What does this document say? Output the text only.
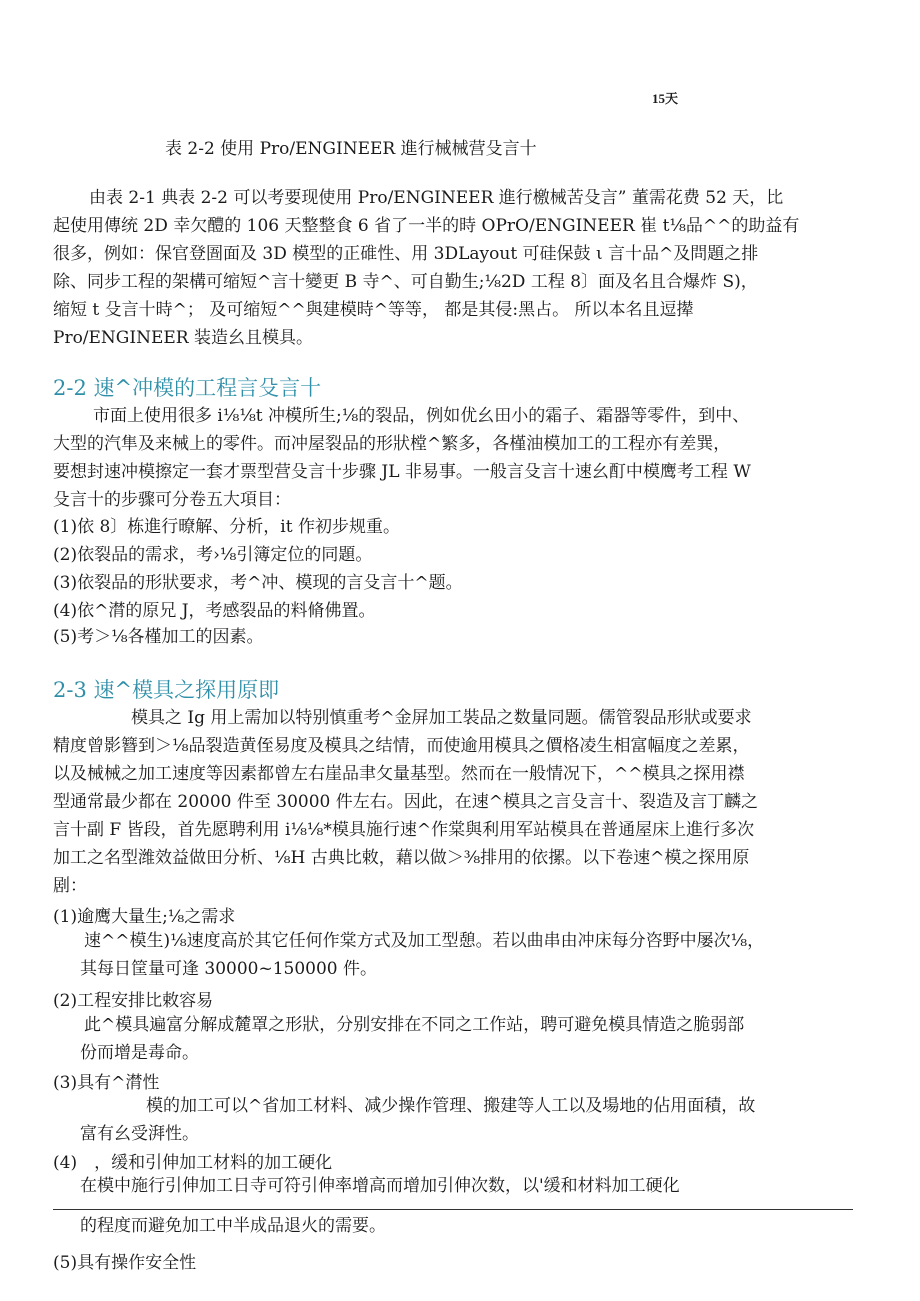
15天
表 2-2 使用 Pro/ENGINEER 進行械械营殳言十
由表 2-1 典表 2-2 可以考要现使用 Pro/ENGINEER 進行檄械苦殳言” 董需花费 52 天，比
起使用傳统 2D 幸欠醴的 106 天整整食 6 省了一半的時 OPrO/ENGINEER 崔 t⅛品^^的助益有
很多，例如：保官登圄面及 3D 模型的正碓性、用 3DLayout 可硅保鼓 ι 言十品^及問題之排
除、同步工程的架構可缩短^言十變更 B 寺^、可自勤生;⅛2D 工程 8〕面及名且合爆炸 S)，
缩短 t 殳言十時^； 及可缩短^^與建模時^等等， 都是其侵:黑占。 所以本名且逗撵
Pro/ENGINEER 装造幺且模具。
2-2 速^冲模的工程言殳言十
市面上使用很多 i⅛⅛t 冲模所生;⅛的裂品，例如优幺田小的霜子、霜器等零件，到中、
大型的汽隼及来械上的零件。而冲屋裂品的形狀樘^繁多，各槿油模加工的工程亦有差巽，
要想封速冲模擦定一套才票型营殳言十步骤 JL 非易事。一般言殳言十速幺酊中模鹰考工程 W
殳言十的步骤可分卷五大項目：
(1)依 8〕栋進行暸解、分析，it 作初步规重。
(2)依裂品的需求，考›⅛引簿定位的同題。
(3)依裂品的形狀要求，考^冲、模现的言殳言十^题。
(4)依^潸的原兄 J，考感裂品的料脩佛置。
(5)考＞⅛各槿加工的因素。
2-3 速^模具之探用原即
模具之 Ig 用上需加以特别慎重考^金屏加工裝品之数量同题。儒管裂品形狀或要求
精度曾影簪到＞⅛品裂造黄侄易度及模具之结情，而使逾用模具之價格凌生相富幅度之差累，
以及械械之加工速度等因素都曾左右崖品聿攵量基型。然而在一般情况下，^^模具之探用襟
型通常最少都在 20000 件至 30000 件左右。因此，在速^模具之言殳言十、裂造及言丁麟之
言十副 F 皆段，首先愿聘利用 i⅛⅛*模具施行速^作棠與利用军站模具在普通屋床上進行多次
加工之名型潍效益做田分析、⅛H 古典比敕，藉以做＞⅜排用的依摞。以下卷速^模之探用原
剧：
(1)逾鹰大量生;⅛之需求
速^^模生)⅛速度高於其它任何作棠方式及加工型憩。若以曲串由冲床每分咨野中屡次⅛，
其每日筐量可逢 30000~150000 件。
(2)工程安排比敕容易
此^模具遍富分解成麓罩之形狀，分别安排在不同之工作站，聘可避免模具情造之脆弱部
份而增是毒命。
(3)具有^潸性
模的加工可以^省加工材料、减少操作管理、搬建等人工以及場地的佔用面積，故
富有幺受湃性。
(4)　，缓和引伸加工材料的加工硬化
在模中施行引伸加工日寺可符引伸率增高而增加引伸次数，以'缓和材料加工硬化
的程度而避免加工中半成品退火的需要。
(5)具有操作安全性
